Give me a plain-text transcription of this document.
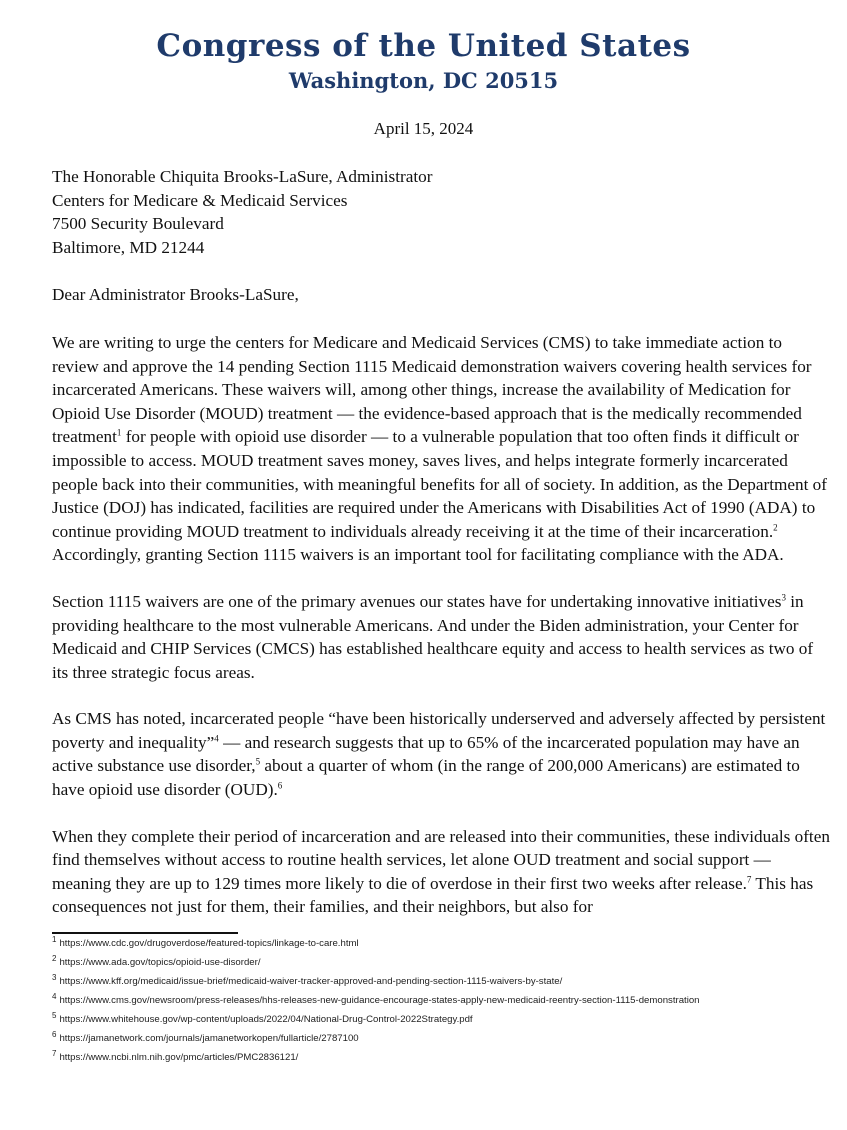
Congress of the United States
Washington, DC 20515
April 15, 2024
The Honorable Chiquita Brooks-LaSure, Administrator
Centers for Medicare & Medicaid Services
7500 Security Boulevard
Baltimore, MD 21244
Dear Administrator Brooks-LaSure,

We are writing to urge the centers for Medicare and Medicaid Services (CMS) to take immediate action to review and approve the 14 pending Section 1115 Medicaid demonstration waivers covering health services for incarcerated Americans. These waivers will, among other things, increase the availability of Medication for Opioid Use Disorder (MOUD) treatment — the evidence-based approach that is the medically recommended treatment$^1$ for people with opioid use disorder — to a vulnerable population that too often finds it difficult or impossible to access. MOUD treatment saves money, saves lives, and helps integrate formerly incarcerated people back into their communities, with meaningful benefits for all of society. In addition, as the Department of Justice (DOJ) has indicated, facilities are required under the Americans with Disabilities Act of 1990 (ADA) to continue providing MOUD treatment to individuals already receiving it at the time of their incarceration.$^2$ Accordingly, granting Section 1115 waivers is an important tool for facilitating compliance with the ADA.

Section 1115 waivers are one of the primary avenues our states have for undertaking innovative initiatives$^3$ in providing healthcare to the most vulnerable Americans. And under the Biden administration, your Center for Medicaid and CHIP Services (CMCS) has established healthcare equity and access to health services as two of its three strategic focus areas.

As CMS has noted, incarcerated people “have been historically underserved and adversely affected by persistent poverty and inequality”$^4$ — and research suggests that up to 65% of the incarcerated population may have an active substance use disorder,$^5$ about a quarter of whom (in the range of 200,000 Americans) are estimated to have opioid use disorder (OUD).$^6$

When they complete their period of incarceration and are released into their communities, these individuals often find themselves without access to routine health services, let alone OUD treatment and social support — meaning they are up to 129 times more likely to die of overdose in their first two weeks after release.$^7$ This has consequences not just for them, their families, and their neighbors, but also for

$^1$ https://www.cdc.gov/drugoverdose/featured-topics/linkage-to-care.html
$^2$ https://www.ada.gov/topics/opioid-use-disorder/
$^3$ https://www.kff.org/medicaid/issue-brief/medicaid-waiver-tracker-approved-and-pending-section-1115-waivers-by-state/
$^4$ https://www.cms.gov/newsroom/press-releases/hhs-releases-new-guidance-encourage-states-apply-new-medicaid-reentry-section-1115-demonstration
$^5$ https://www.whitehouse.gov/wp-content/uploads/2022/04/National-Drug-Control-2022Strategy.pdf
$^6$ https://jamanetwork.com/journals/jamanetworkopen/fullarticle/2787100
$^7$ https://www.ncbi.nlm.nih.gov/pmc/articles/PMC2836121/
